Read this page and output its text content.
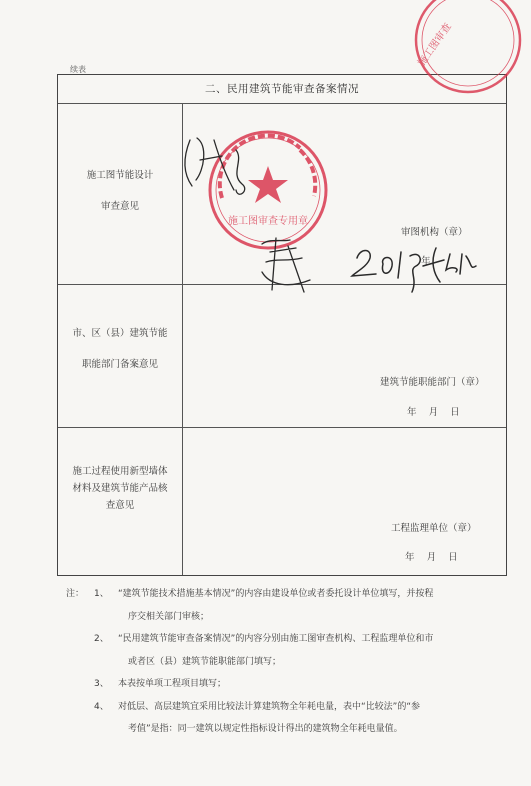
续表
二、民用建筑节能审查备案情况
施工图节能设计
审查意见
审图机构（章）
年
市、区（县）建筑节能
职能部门备案意见
建筑节能职能部门（章）
年    月    日
施工过程使用新型墙体
材料及建筑节能产品核
查意见
工程监理单位（章）
年    月    日
施工图审查
施工图审查专用章
注： 1、 “建筑节能技术措施基本情况”的内容由建设单位或者委托设计单位填写，并按程
序交相关部门审核；
2、 “民用建筑节能审查备案情况”的内容分别由施工图审查机构、工程监理单位和市
或者区（县）建筑节能职能部门填写；
3、 本表按单项工程项目填写；
4、 对低层、高层建筑宜采用比较法计算建筑物全年耗电量，表中“比较法”的“参
考值”是指：同一建筑以规定性指标设计得出的建筑物全年耗电量值。
